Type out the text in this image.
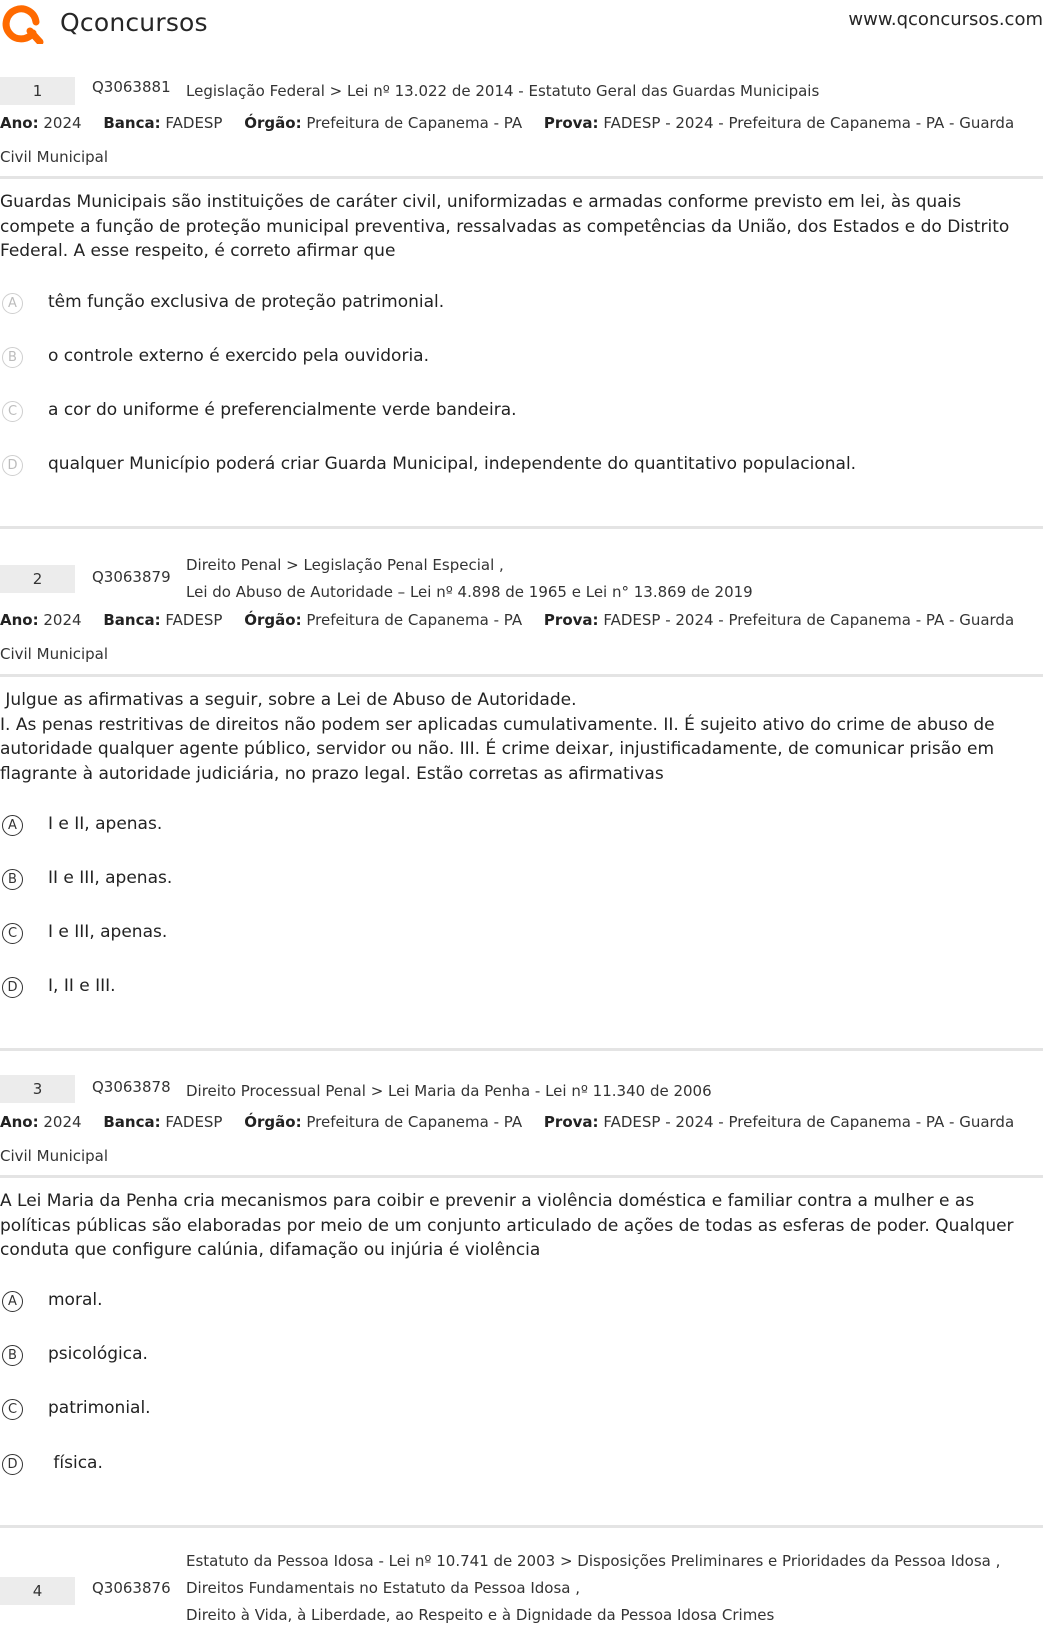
Qconcursos	www.qconcursos.com
1	Q3063881 Legislação Federal > Lei nº 13.022 de 2014 - Estatuto Geral das Guardas Municipais
Ano: 2024 Banca: FADESP Órgão: Prefeitura de Capanema - PA Prova: FADESP - 2024 - Prefeitura de Capanema - PA - Guarda Civil Municipal
Guardas Municipais são instituições de caráter civil, uniformizadas e armadas conforme previsto em lei, às quais compete a função de proteção municipal preventiva, ressalvadas as competências da União, dos Estados e do Distrito Federal. A esse respeito, é correto afirmar que
A	têm função exclusiva de proteção patrimonial.
B	o controle externo é exercido pela ouvidoria.
C	a cor do uniforme é preferencialmente verde bandeira.
D	qualquer Município poderá criar Guarda Municipal, independente do quantitativo populacional.
2	Q3063879
Direito Penal > Legislação Penal Especial ,
Lei do Abuso de Autoridade – Lei nº 4.898 de 1965 e Lei n° 13.869 de 2019
Ano: 2024 Banca: FADESP Órgão: Prefeitura de Capanema - PA Prova: FADESP - 2024 - Prefeitura de Capanema - PA - Guarda Civil Municipal
Julgue as afirmativas a seguir, sobre a Lei de Abuso de Autoridade.
I. As penas restritivas de direitos não podem ser aplicadas cumulativamente. II. É sujeito ativo do crime de abuso de autoridade qualquer agente público, servidor ou não. III. É crime deixar, injustificadamente, de comunicar prisão em flagrante à autoridade judiciária, no prazo legal. Estão corretas as afirmativas
A	I e II, apenas.
B	II e III, apenas.
C	I e III, apenas.
D	I, II e III.
3	Q3063878 Direito Processual Penal > Lei Maria da Penha - Lei nº 11.340 de 2006
Ano: 2024 Banca: FADESP Órgão: Prefeitura de Capanema - PA Prova: FADESP - 2024 - Prefeitura de Capanema - PA - Guarda Civil Municipal
A Lei Maria da Penha cria mecanismos para coibir e prevenir a violência doméstica e familiar contra a mulher e as políticas públicas são elaboradas por meio de um conjunto articulado de ações de todas as esferas de poder. Qualquer conduta que configure calúnia, difamação ou injúria é violência
A	moral.
B	psicológica.
C	patrimonial.
D	física.
4	Q3063876
Estatuto da Pessoa Idosa - Lei nº 10.741 de 2003 > Disposições Preliminares e Prioridades da Pessoa Idosa ,
Direitos Fundamentais no Estatuto da Pessoa Idosa ,
Direito à Vida, à Liberdade, ao Respeito e à Dignidade da Pessoa Idosa Crimes
